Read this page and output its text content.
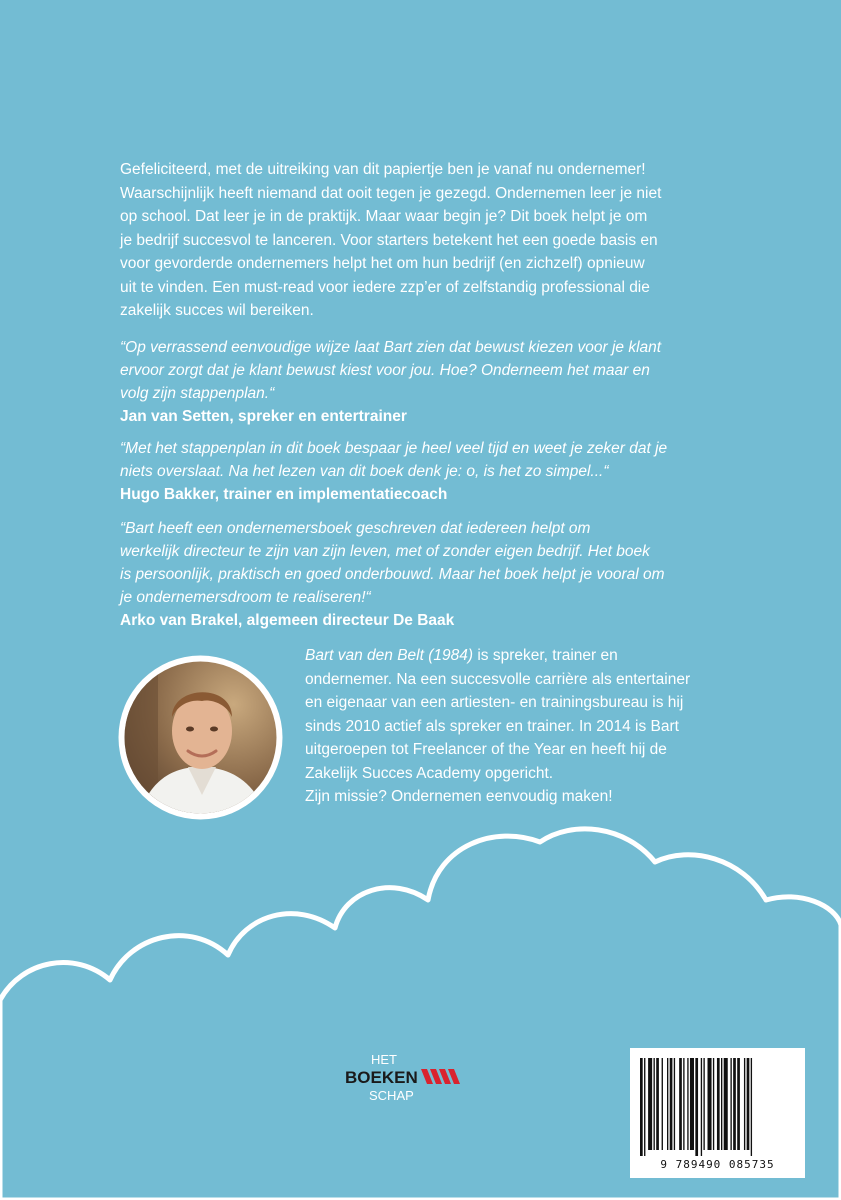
Gefeliciteerd, met de uitreiking van dit papiertje ben je vanaf nu ondernemer!
Waarschijnlijk heeft niemand dat ooit tegen je gezegd. Ondernemen leer je niet
op school. Dat leer je in de praktijk. Maar waar begin je? Dit boek helpt je om
je bedrijf succesvol te lanceren. Voor starters betekent het een goede basis en
voor gevorderde ondernemers helpt het om hun bedrijf (en zichzelf) opnieuw
uit te vinden. Een must-read voor iedere zzp’er of zelfstandig professional die
zakelijk succes wil bereiken.

“Op verrassend eenvoudige wijze laat Bart zien dat bewust kiezen voor je klant
ervoor zorgt dat je klant bewust kiest voor jou. Hoe? Onderneem het maar en
volg zijn stappenplan.“
Jan van Setten, spreker en entertrainer

“Met het stappenplan in dit boek bespaar je heel veel tijd en weet je zeker dat je
niets overslaat. Na het lezen van dit boek denk je: o, is het zo simpel...“
Hugo Bakker, trainer en implementatiecoach

“Bart heeft een ondernemersboek geschreven dat iedereen helpt om
werkelijk directeur te zijn van zijn leven, met of zonder eigen bedrijf. Het boek
is persoonlijk, praktisch en goed onderbouwd. Maar het boek helpt je vooral om
je ondernemersdroom te realiseren!“
Arko van Brakel, algemeen directeur De Baak

Bart van den Belt (1984) is spreker, trainer en
ondernemer. Na een succesvolle carrière als entertainer
en eigenaar van een artiesten- en trainingsbureau is hij
sinds 2010 actief als spreker en trainer. In 2014 is Bart
uitgeroepen tot Freelancer of the Year en heeft hij de
Zakelijk Succes Academy opgericht.
Zijn missie? Ondernemen eenvoudig maken!

HET
BOEKEN
SCHAP
9 789490 085735
